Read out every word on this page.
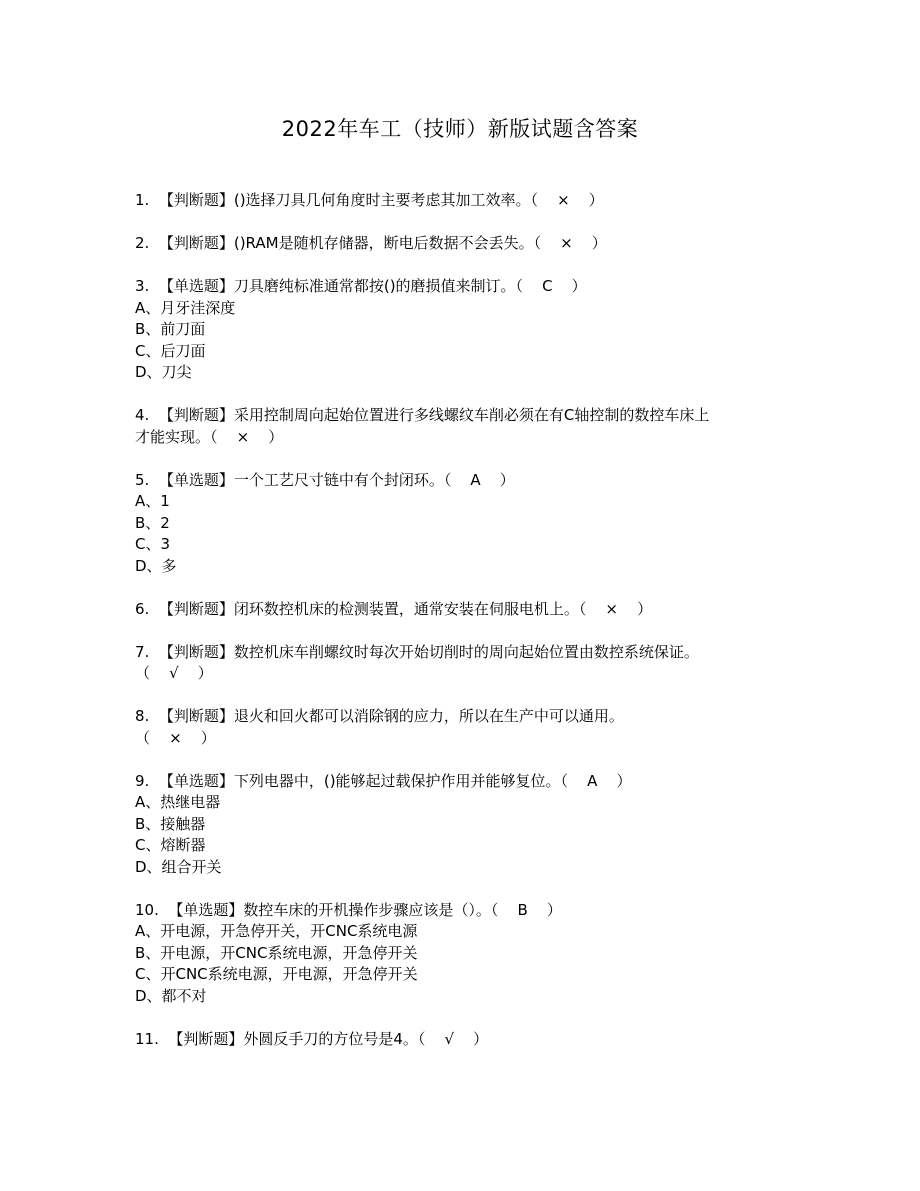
2022年车工（技师）新版试题含答案
1.  【判断题】()选择刀具几何角度时主要考虑其加工效率。（    ×    ）
2.  【判断题】()RAM是随机存储器，断电后数据不会丢失。（    ×    ）
3.  【单选题】刀具磨纯标准通常都按()的磨损值来制订。（    C    ）
A、月牙洼深度
B、前刀面
C、后刀面
D、刀尖
4.  【判断题】采用控制周向起始位置进行多线螺纹车削必须在有C轴控制的数控车床上
才能实现。（    ×    ）
5.  【单选题】一个工艺尺寸链中有个封闭环。（    A    ）
A、1
B、2
C、3
D、多
6.  【判断题】闭环数控机床的检测装置，通常安装在伺服电机上。（    ×    ）
7.  【判断题】数控机床车削螺纹时每次开始切削时的周向起始位置由数控系统保证。
（    √    ）
8.  【判断题】退火和回火都可以消除钢的应力，所以在生产中可以通用。
（    ×    ）
9.  【单选题】下列电器中，()能够起过载保护作用并能够复位。（    A    ）
A、热继电器
B、接触器
C、熔断器
D、组合开关
10.  【单选题】数控车床的开机操作步骤应该是（）。（    B    ）
A、开电源，开急停开关，开CNC系统电源
B、开电源，开CNC系统电源，开急停开关
C、开CNC系统电源，开电源，开急停开关
D、都不对
11.  【判断题】外圆反手刀的方位号是4。（    √    ）
